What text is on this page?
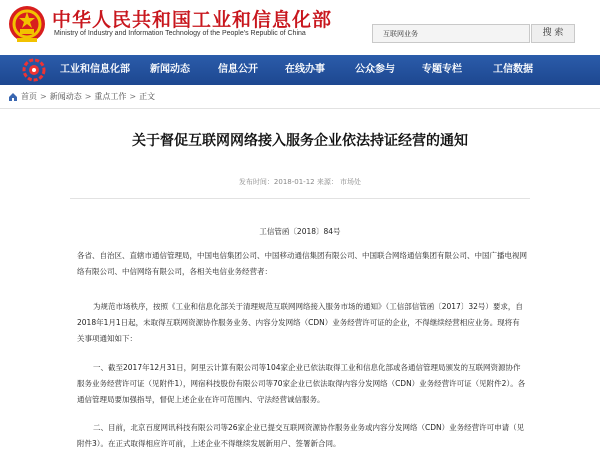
中华人民共和国工业和信息化部
Ministry of Industry and Information Technology of the People's Republic of China	互联网业务	搜 索
工业和信息化部 新闻动态	信息公开	在线办事	公众参与	专题专栏	工信数据
首页 > 新闻动态 > 重点工作 > 正文
关于督促互联网网络接入服务企业依法持证经营的通知
发布时间：2018-01-12 来源： 市场处
工信管函〔2018〕84号
各省、自治区、直辖市通信管理局，中国电信集团公司、中国移动通信集团有限公司、中国联合网络通信集团有限公司、中国广播电视网络有限公司、中信网络有限公司，各相关电信业务经营者：
为规范市场秩序，按照《工业和信息化部关于清理规范互联网网络接入服务市场的通知》（工信部信管函〔2017〕32号）要求，自2018年1月1日起，未取得互联网资源协作服务业务、内容分发网络（CDN）业务经营许可证的企业，不得继续经营相应业务。现将有关事项通知如下：
一、截至2017年12月31日，阿里云计算有限公司等104家企业已依法取得工业和信息化部或各通信管理局颁发的互联网资源协作服务业务经营许可证（见附件1），网宿科技股份有限公司等70家企业已依法取得内容分发网络（CDN）业务经营许可证（见附件2）。各通信管理局要加强指导，督促上述企业在许可范围内、守法经营诚信服务。
二、目前，北京百度网讯科技有限公司等26家企业已提交互联网资源协作服务业务或内容分发网络（CDN）业务经营许可申请（见附件3）。在正式取得相应许可前，上述企业不得继续发展新用户、签署新合同。
